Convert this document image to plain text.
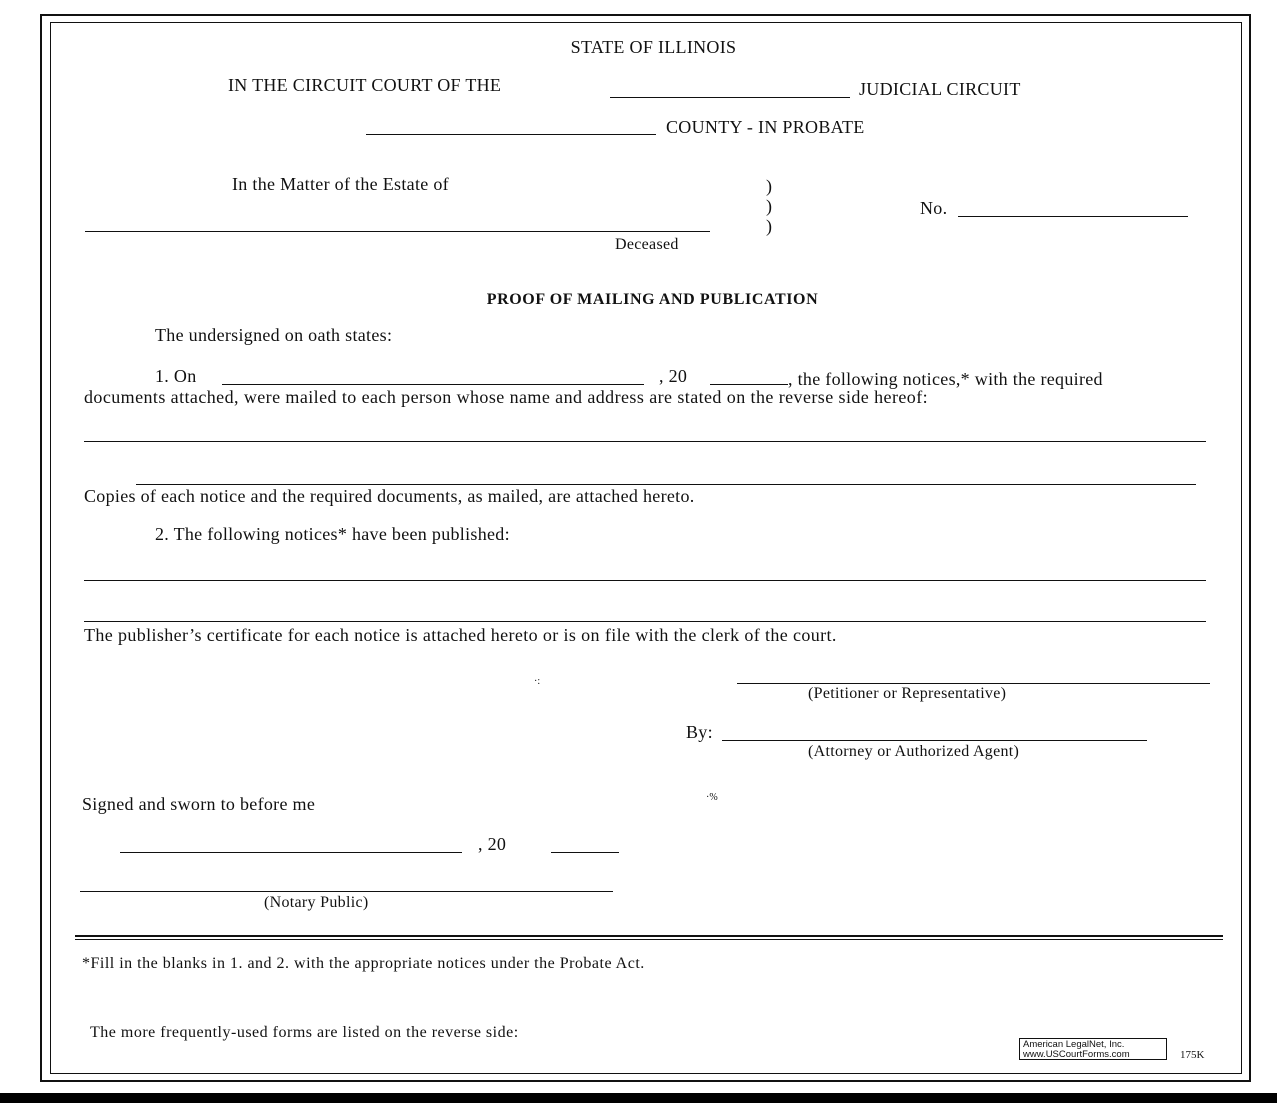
STATE OF ILLINOIS
IN THE CIRCUIT COURT OF THE	JUDICIAL CIRCUIT
COUNTY - IN PROBATE
In the Matter of the Estate of	)
)
)
No.
Deceased
PROOF OF MAILING AND PUBLICATION
The undersigned on oath states:
1. On	, 20	, the following notices,* with the required
documents attached, were mailed to each person whose name and address are stated on the reverse side hereof:
Copies of each notice and the required documents, as mailed, are attached hereto.
2. The following notices* have been published:
The publisher’s certificate for each notice is attached hereto or is on file with the clerk of the court.
·:
(Petitioner or Representative)
By:
(Attorney or Authorized Agent)
·%
Signed and sworn to before me
, 20
(Notary Public)
*Fill in the blanks in 1. and 2. with the appropriate notices under the Probate Act.
The more frequently-used forms are listed on the reverse side:
American LegalNet, Inc.
www.USCourtForms.com	175K
